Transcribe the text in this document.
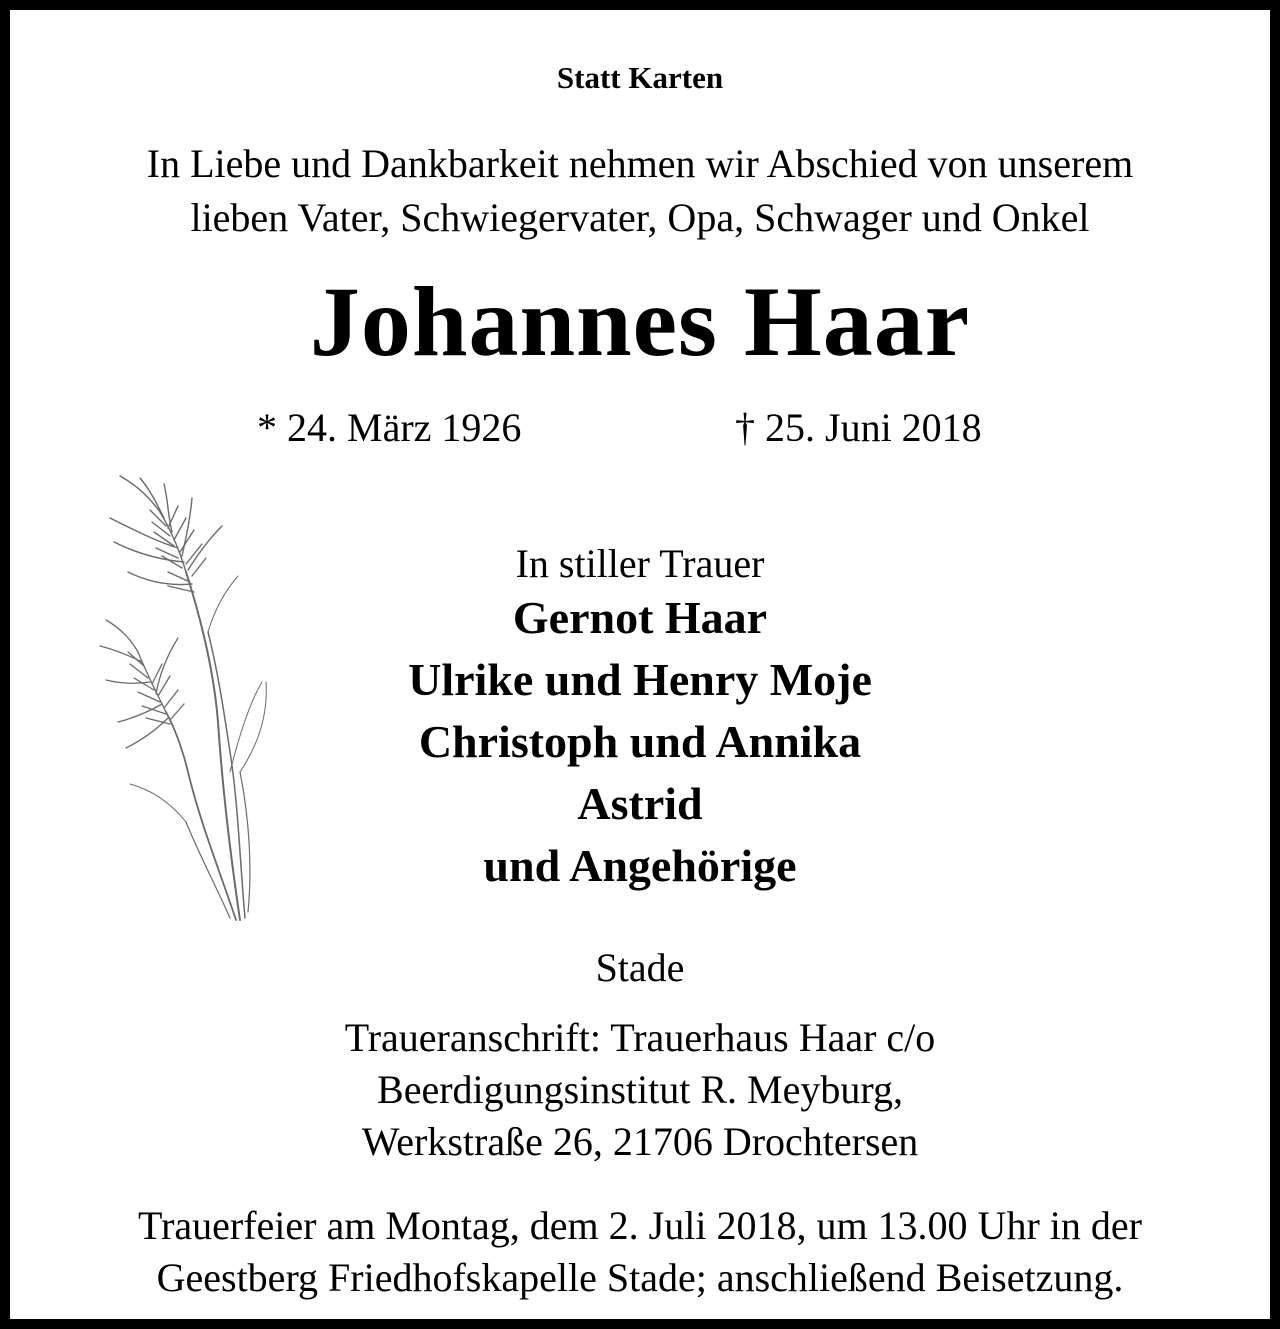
Statt Karten
In Liebe und Dankbarkeit nehmen wir Abschied von unserem
lieben Vater, Schwiegervater, Opa, Schwager und Onkel
Johannes Haar
* 24. März 1926	† 25. Juni 2018
In stiller Trauer
Gernot Haar
Ulrike und Henry Moje
Christoph und Annika
Astrid
und Angehörige
Stade
Traueranschrift: Trauerhaus Haar c/o
Beerdigungsinstitut R. Meyburg,
Werkstraße 26, 21706 Drochtersen
Trauerfeier am Montag, dem 2. Juli 2018, um 13.00 Uhr in der
Geestberg Friedhofskapelle Stade; anschließend Beisetzung.
